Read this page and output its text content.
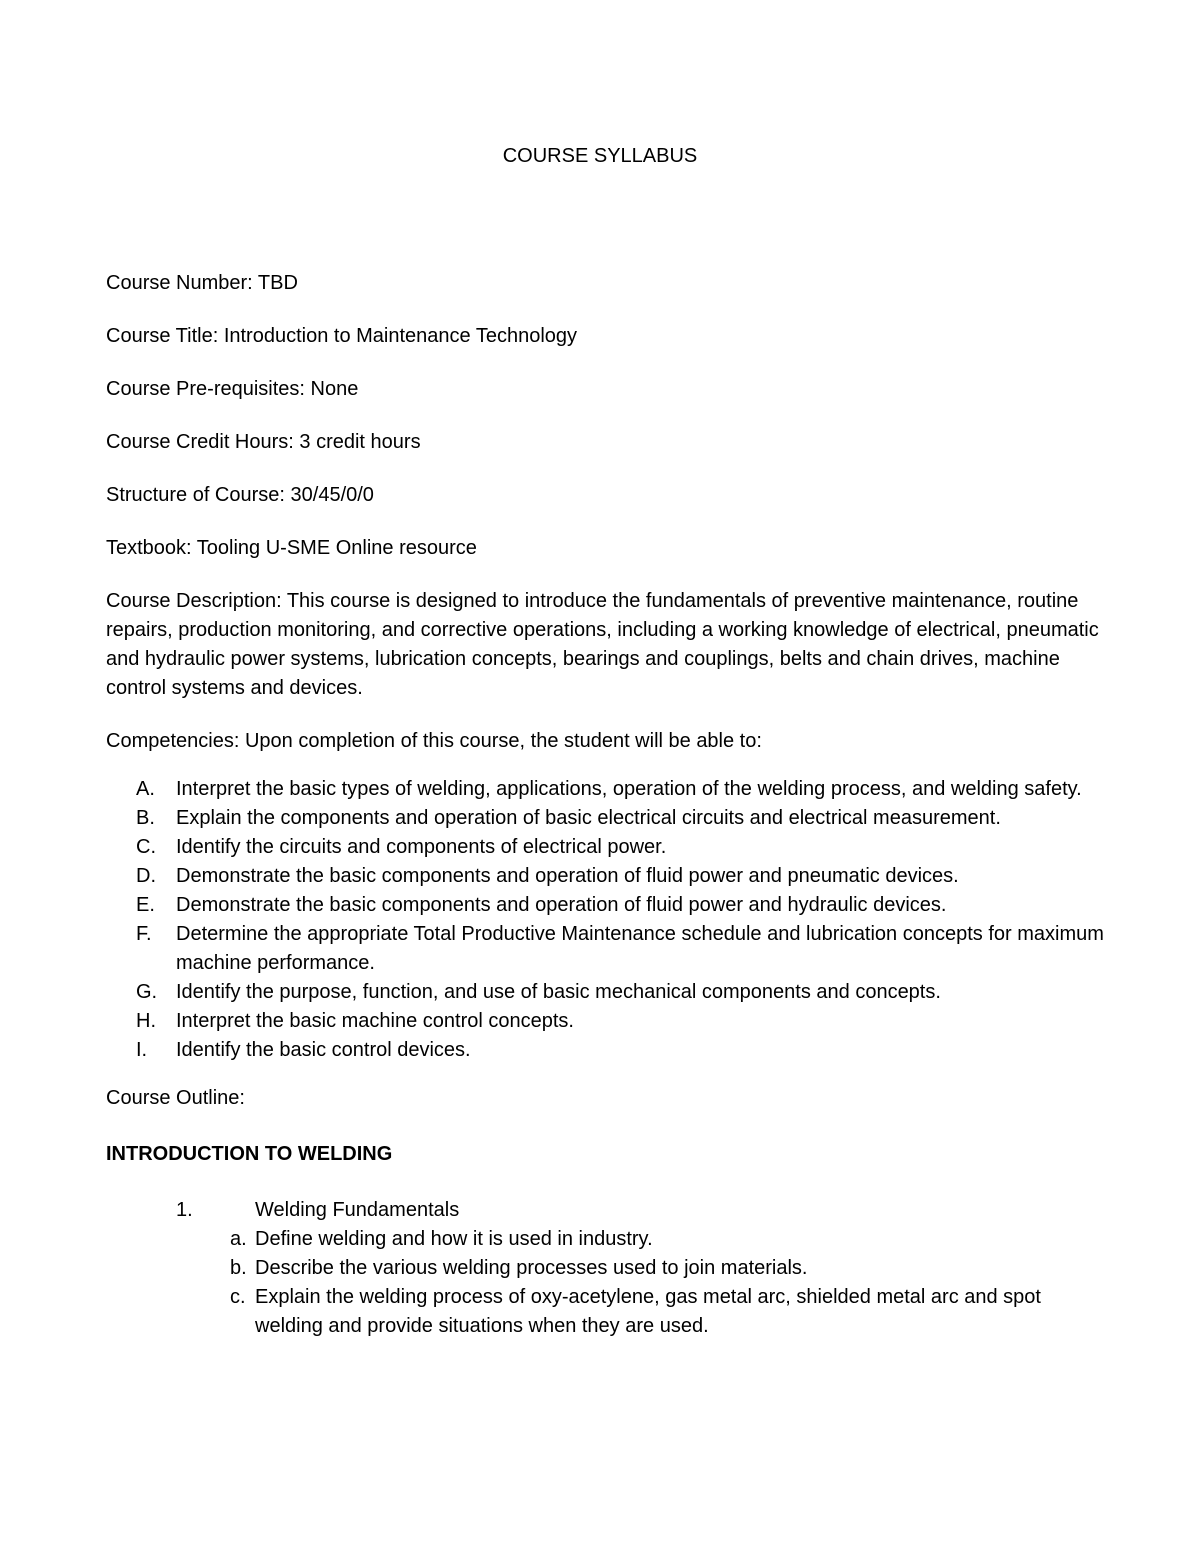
COURSE SYLLABUS

Course Number: TBD

Course Title: Introduction to Maintenance Technology

Course Pre-requisites: None

Course Credit Hours: 3 credit hours

Structure of Course: 30/45/0/0

Textbook: Tooling U-SME Online resource

Course Description: This course is designed to introduce the fundamentals of preventive maintenance, routine repairs, production monitoring, and corrective operations, including a working knowledge of electrical, pneumatic and hydraulic power systems, lubrication concepts, bearings and couplings, belts and chain drives, machine control systems and devices.

Competencies: Upon completion of this course, the student will be able to:

A. Interpret the basic types of welding, applications, operation of the welding process, and welding safety.
B. Explain the components and operation of basic electrical circuits and electrical measurement.
C. Identify the circuits and components of electrical power.
D. Demonstrate the basic components and operation of fluid power and pneumatic devices.
E. Demonstrate the basic components and operation of fluid power and hydraulic devices.
F. Determine the appropriate Total Productive Maintenance schedule and lubrication concepts for maximum machine performance.
G. Identify the purpose, function, and use of basic mechanical components and concepts.
H. Interpret the basic machine control concepts.
I. Identify the basic control devices.

Course Outline:

INTRODUCTION TO WELDING
1.	Welding Fundamentals
a. Define welding and how it is used in industry.
b. Describe the various welding processes used to join materials.
c. Explain the welding process of oxy-acetylene, gas metal arc, shielded metal arc and spot welding and provide situations when they are used.
